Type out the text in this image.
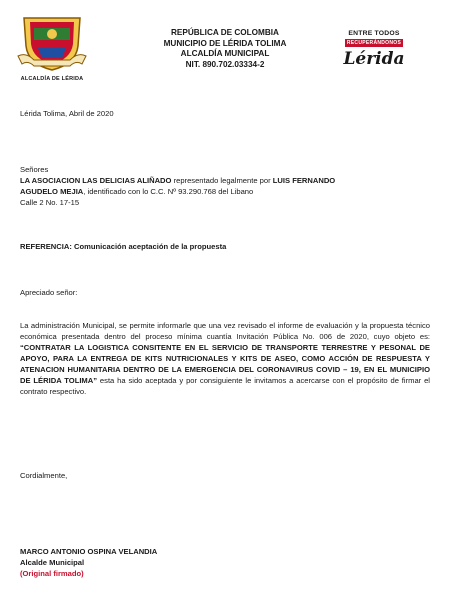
ALCALDÍA DE LÉRIDA
REPÚBLICA DE COLOMBIA
MUNICIPIO DE LÉRIDA TOLIMA
ALCALDÍA MUNICIPAL
NIT. 890.702.03334-2
ENTRE TODOS
RECUPERÁNDONOS
Lérida
Lérida Tolima, Abril de 2020
Señores
LA ASOCIACION LAS DELICIAS ALIÑADO representado legalmente por LUIS FERNANDO
AGUDELO MEJIA, identificado con lo C.C. Nº 93.290.768 del Libano
Calle 2 No. 17-15
REFERENCIA: Comunicación aceptación de la propuesta
Apreciado señor:
La administración Municipal, se permite informarle que una vez revisado el informe de evaluación y la propuesta técnico económica presentada dentro del proceso mínima cuantía Invitación Pública No. 006 de 2020, cuyo objeto es: “CONTRATAR LA LOGISTICA CONSITENTE EN EL SERVICIO DE TRANSPORTE TERRESTRE Y PESONAL DE APOYO, PARA LA ENTREGA DE KITS NUTRICIONALES Y KITS DE ASEO, COMO ACCIÓN DE RESPUESTA Y ATENACION HUMANITARIA DENTRO DE LA EMERGENCIA DEL CORONAVIRUS COVID – 19, EN EL MUNICIPIO DE LÉRIDA TOLIMA” esta ha sido aceptada y por consiguiente le invitamos a acercarse con el propósito de firmar el contrato respectivo.
Cordialmente,
MARCO ANTONIO OSPINA VELANDIA
Alcalde Municipal
(Original firmado)
